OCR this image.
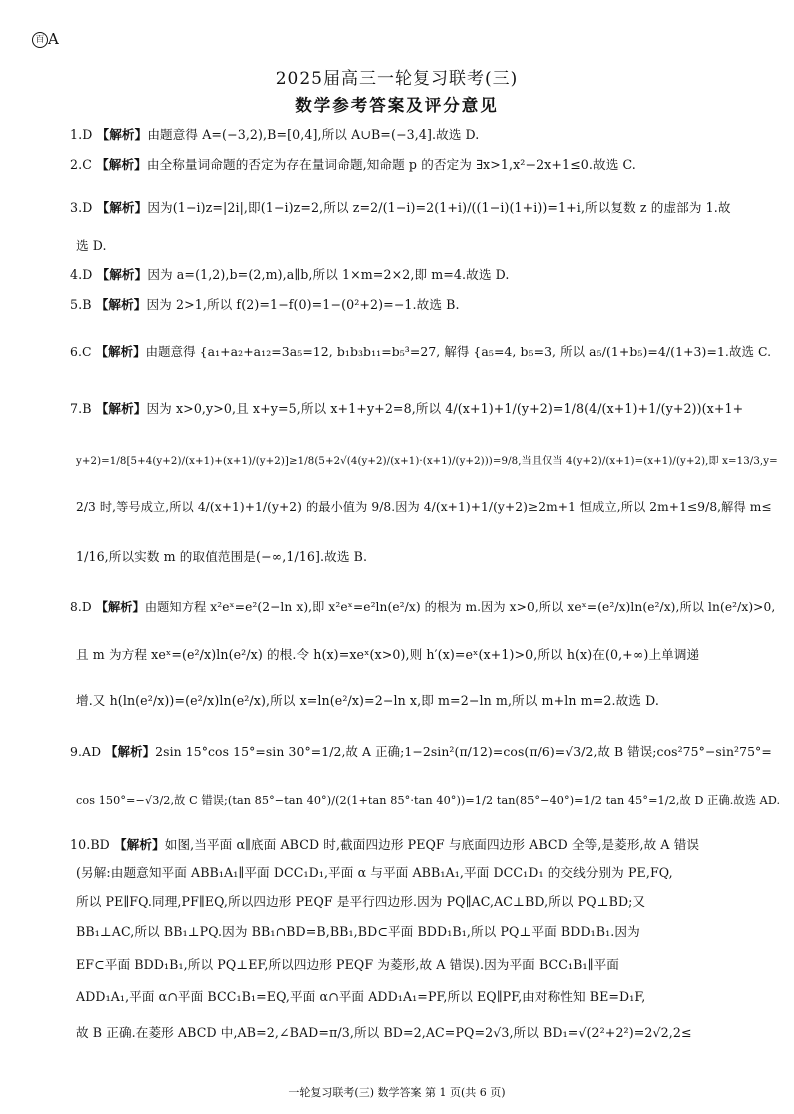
百 A
2025届高三一轮复习联考(三)
数学参考答案及评分意见
1.D 【解析】由题意得 A=(−3,2),B=[0,4],所以 A∪B=(−3,4].故选 D.
2.C 【解析】由全称量词命题的否定为存在量词命题,知命题 p 的否定为 ∃x>1,x²−2x+1≤0.故选 C.
3.D 【解析】因为(1−i)z=|2i|,即(1−i)z=2,所以 z=2/(1−i)=2(1+i)/((1−i)(1+i))=1+i,所以复数 z 的虚部为 1.故
选 D.
4.D 【解析】因为 a=(1,2),b=(2,m),a∥b,所以 1×m=2×2,即 m=4.故选 D.
5.B 【解析】因为 2>1,所以 f(2)=1−f(0)=1−(0²+2)=−1.故选 B.
6.C 【解析】由题意得 {a₁+a₂+a₁₂=3a₅=12, b₁b₃b₁₁=b₅³=27, 解得 {a₅=4, b₅=3, 所以 a₅/(1+b₅)=4/(1+3)=1.故选 C.
7.B 【解析】因为 x>0,y>0,且 x+y=5,所以 x+1+y+2=8,所以 4/(x+1)+1/(y+2)=1/8(4/(x+1)+1/(y+2))(x+1+
y+2)=1/8[5+4(y+2)/(x+1)+(x+1)/(y+2)]≥1/8(5+2√(4(y+2)/(x+1)·(x+1)/(y+2)))=9/8,当且仅当 4(y+2)/(x+1)=(x+1)/(y+2),即 x=13/3,y=
2/3 时,等号成立,所以 4/(x+1)+1/(y+2) 的最小值为 9/8.因为 4/(x+1)+1/(y+2)≥2m+1 恒成立,所以 2m+1≤9/8,解得 m≤
1/16,所以实数 m 的取值范围是(−∞,1/16].故选 B.
8.D 【解析】由题知方程 x²eˣ=e²(2−ln x),即 x²eˣ=e²ln(e²/x) 的根为 m.因为 x>0,所以 xeˣ=(e²/x)ln(e²/x),所以 ln(e²/x)>0,
且 m 为方程 xeˣ=(e²/x)ln(e²/x) 的根.令 h(x)=xeˣ(x>0),则 h′(x)=eˣ(x+1)>0,所以 h(x)在(0,+∞)上单调递
增.又 h(ln(e²/x))=(e²/x)ln(e²/x),所以 x=ln(e²/x)=2−ln x,即 m=2−ln m,所以 m+ln m=2.故选 D.
9.AD 【解析】2sin 15°cos 15°=sin 30°=1/2,故 A 正确;1−2sin²(π/12)=cos(π/6)=√3/2,故 B 错误;cos²75°−sin²75°=
cos 150°=−√3/2,故 C 错误;(tan 85°−tan 40°)/(2(1+tan 85°·tan 40°))=1/2 tan(85°−40°)=1/2 tan 45°=1/2,故 D 正确.故选 AD.
10.BD 【解析】如图,当平面 α∥底面 ABCD 时,截面四边形 PEQF 与底面四边形 ABCD 全等,是菱形,故 A 错误
(另解:由题意知平面 ABB₁A₁∥平面 DCC₁D₁,平面 α 与平面 ABB₁A₁,平面 DCC₁D₁ 的交线分别为 PE,FQ,
所以 PE∥FQ.同理,PF∥EQ,所以四边形 PEQF 是平行四边形.因为 PQ∥AC,AC⊥BD,所以 PQ⊥BD;又
BB₁⊥AC,所以 BB₁⊥PQ.因为 BB₁∩BD=B,BB₁,BD⊂平面 BDD₁B₁,所以 PQ⊥平面 BDD₁B₁.因为
EF⊂平面 BDD₁B₁,所以 PQ⊥EF,所以四边形 PEQF 为菱形,故 A 错误).因为平面 BCC₁B₁∥平面
ADD₁A₁,平面 α∩平面 BCC₁B₁=EQ,平面 α∩平面 ADD₁A₁=PF,所以 EQ∥PF,由对称性知 BE=D₁F,
故 B 正确.在菱形 ABCD 中,AB=2,∠BAD=π/3,所以 BD=2,AC=PQ=2√3,所以 BD₁=√(2²+2²)=2√2,2≤
一轮复习联考(三) 数学答案 第 1 页(共 6 页)
